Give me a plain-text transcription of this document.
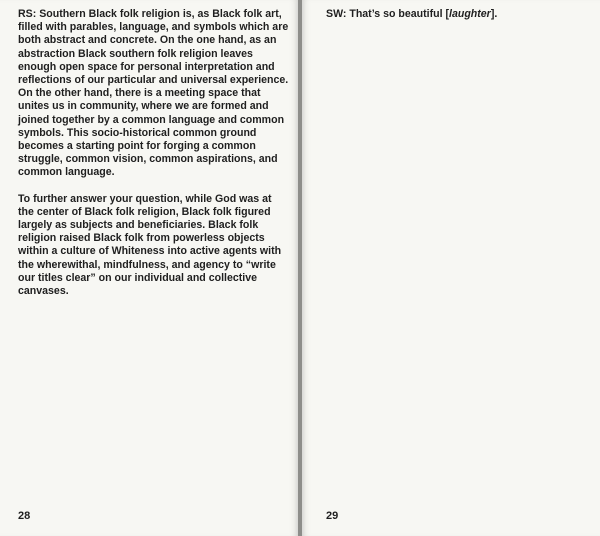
RS: Southern Black folk religion is, as Black folk art, filled with parables, language, and symbols which are both abstract and concrete. On the one hand, as an abstraction Black southern folk religion leaves enough open space for personal interpretation and reflections of our particular and universal experience. On the other hand, there is a meeting space that unites us in community, where we are formed and joined together by a common language and common symbols. This socio-historical common ground becomes a starting point for forging a common struggle, common vision, common aspirations, and common language.

To further answer your question, while God was at the center of Black folk religion, Black folk figured largely as subjects and beneficiaries. Black folk religion raised Black folk from powerless objects within a culture of Whiteness into active agents with the wherewithal, mindfulness, and agency to “write our titles clear” on our individual and collective canvases.

28

SW: That’s so beautiful [laughter].

29
